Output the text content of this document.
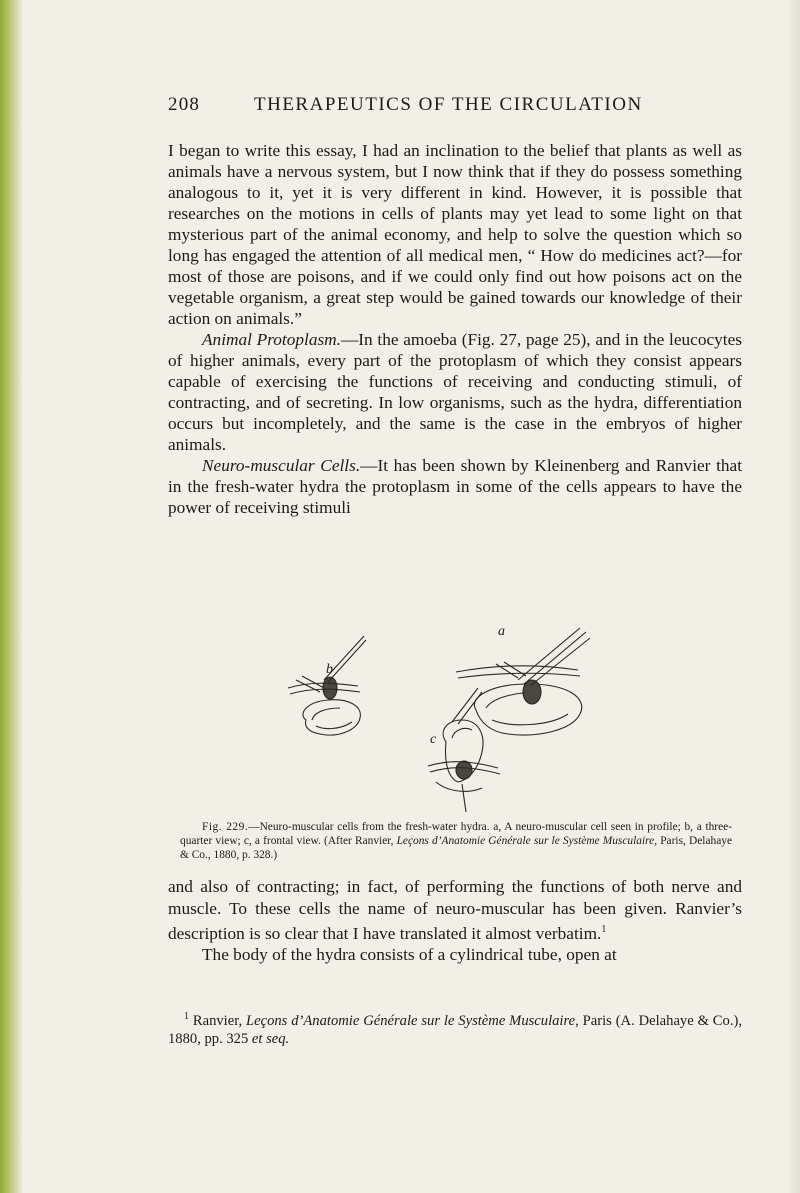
208	THERAPEUTICS OF THE CIRCULATION

I began to write this essay, I had an inclination to the belief that plants as well as animals have a nervous system, but I now think that if they do possess something analogous to it, yet it is very different in kind. However, it is possible that researches on the motions in cells of plants may yet lead to some light on that mysterious part of the animal economy, and help to solve the question which so long has engaged the attention of all medical men, “ How do medicines act?—for most of those are poisons, and if we could only find out how poisons act on the vegetable organism, a great step would be gained towards our knowledge of their action on animals.”

Animal Protoplasm.—In the amoeba (Fig. 27, page 25), and in the leucocytes of higher animals, every part of the protoplasm of which they consist appears capable of exercising the functions of receiving and conducting stimuli, of contracting, and of secreting. In low organisms, such as the hydra, differentiation occurs but incompletely, and the same is the case in the embryos of higher animals.

Neuro-muscular Cells.—It has been shown by Kleinenberg and Ranvier that in the fresh-water hydra the protoplasm in some of the cells appears to have the power of receiving stimuli

b
a
c
Fig. 229.—Neuro-muscular cells from the fresh-water hydra. a, A neuro-muscular cell seen in profile; b, a three-quarter view; c, a frontal view. (After Ranvier, Leçons d’Anatomie Générale sur le Système Musculaire, Paris, Delahaye & Co., 1880, p. 328.)

and also of contracting; in fact, of performing the functions of both nerve and muscle. To these cells the name of neuro-muscular has been given. Ranvier’s description is so clear that I have translated it almost verbatim.$^1$

The body of the hydra consists of a cylindrical tube, open at

$^1$ Ranvier, Leçons d’Anatomie Générale sur le Système Musculaire, Paris (A. Delahaye & Co.), 1880, pp. 325 et seq.
